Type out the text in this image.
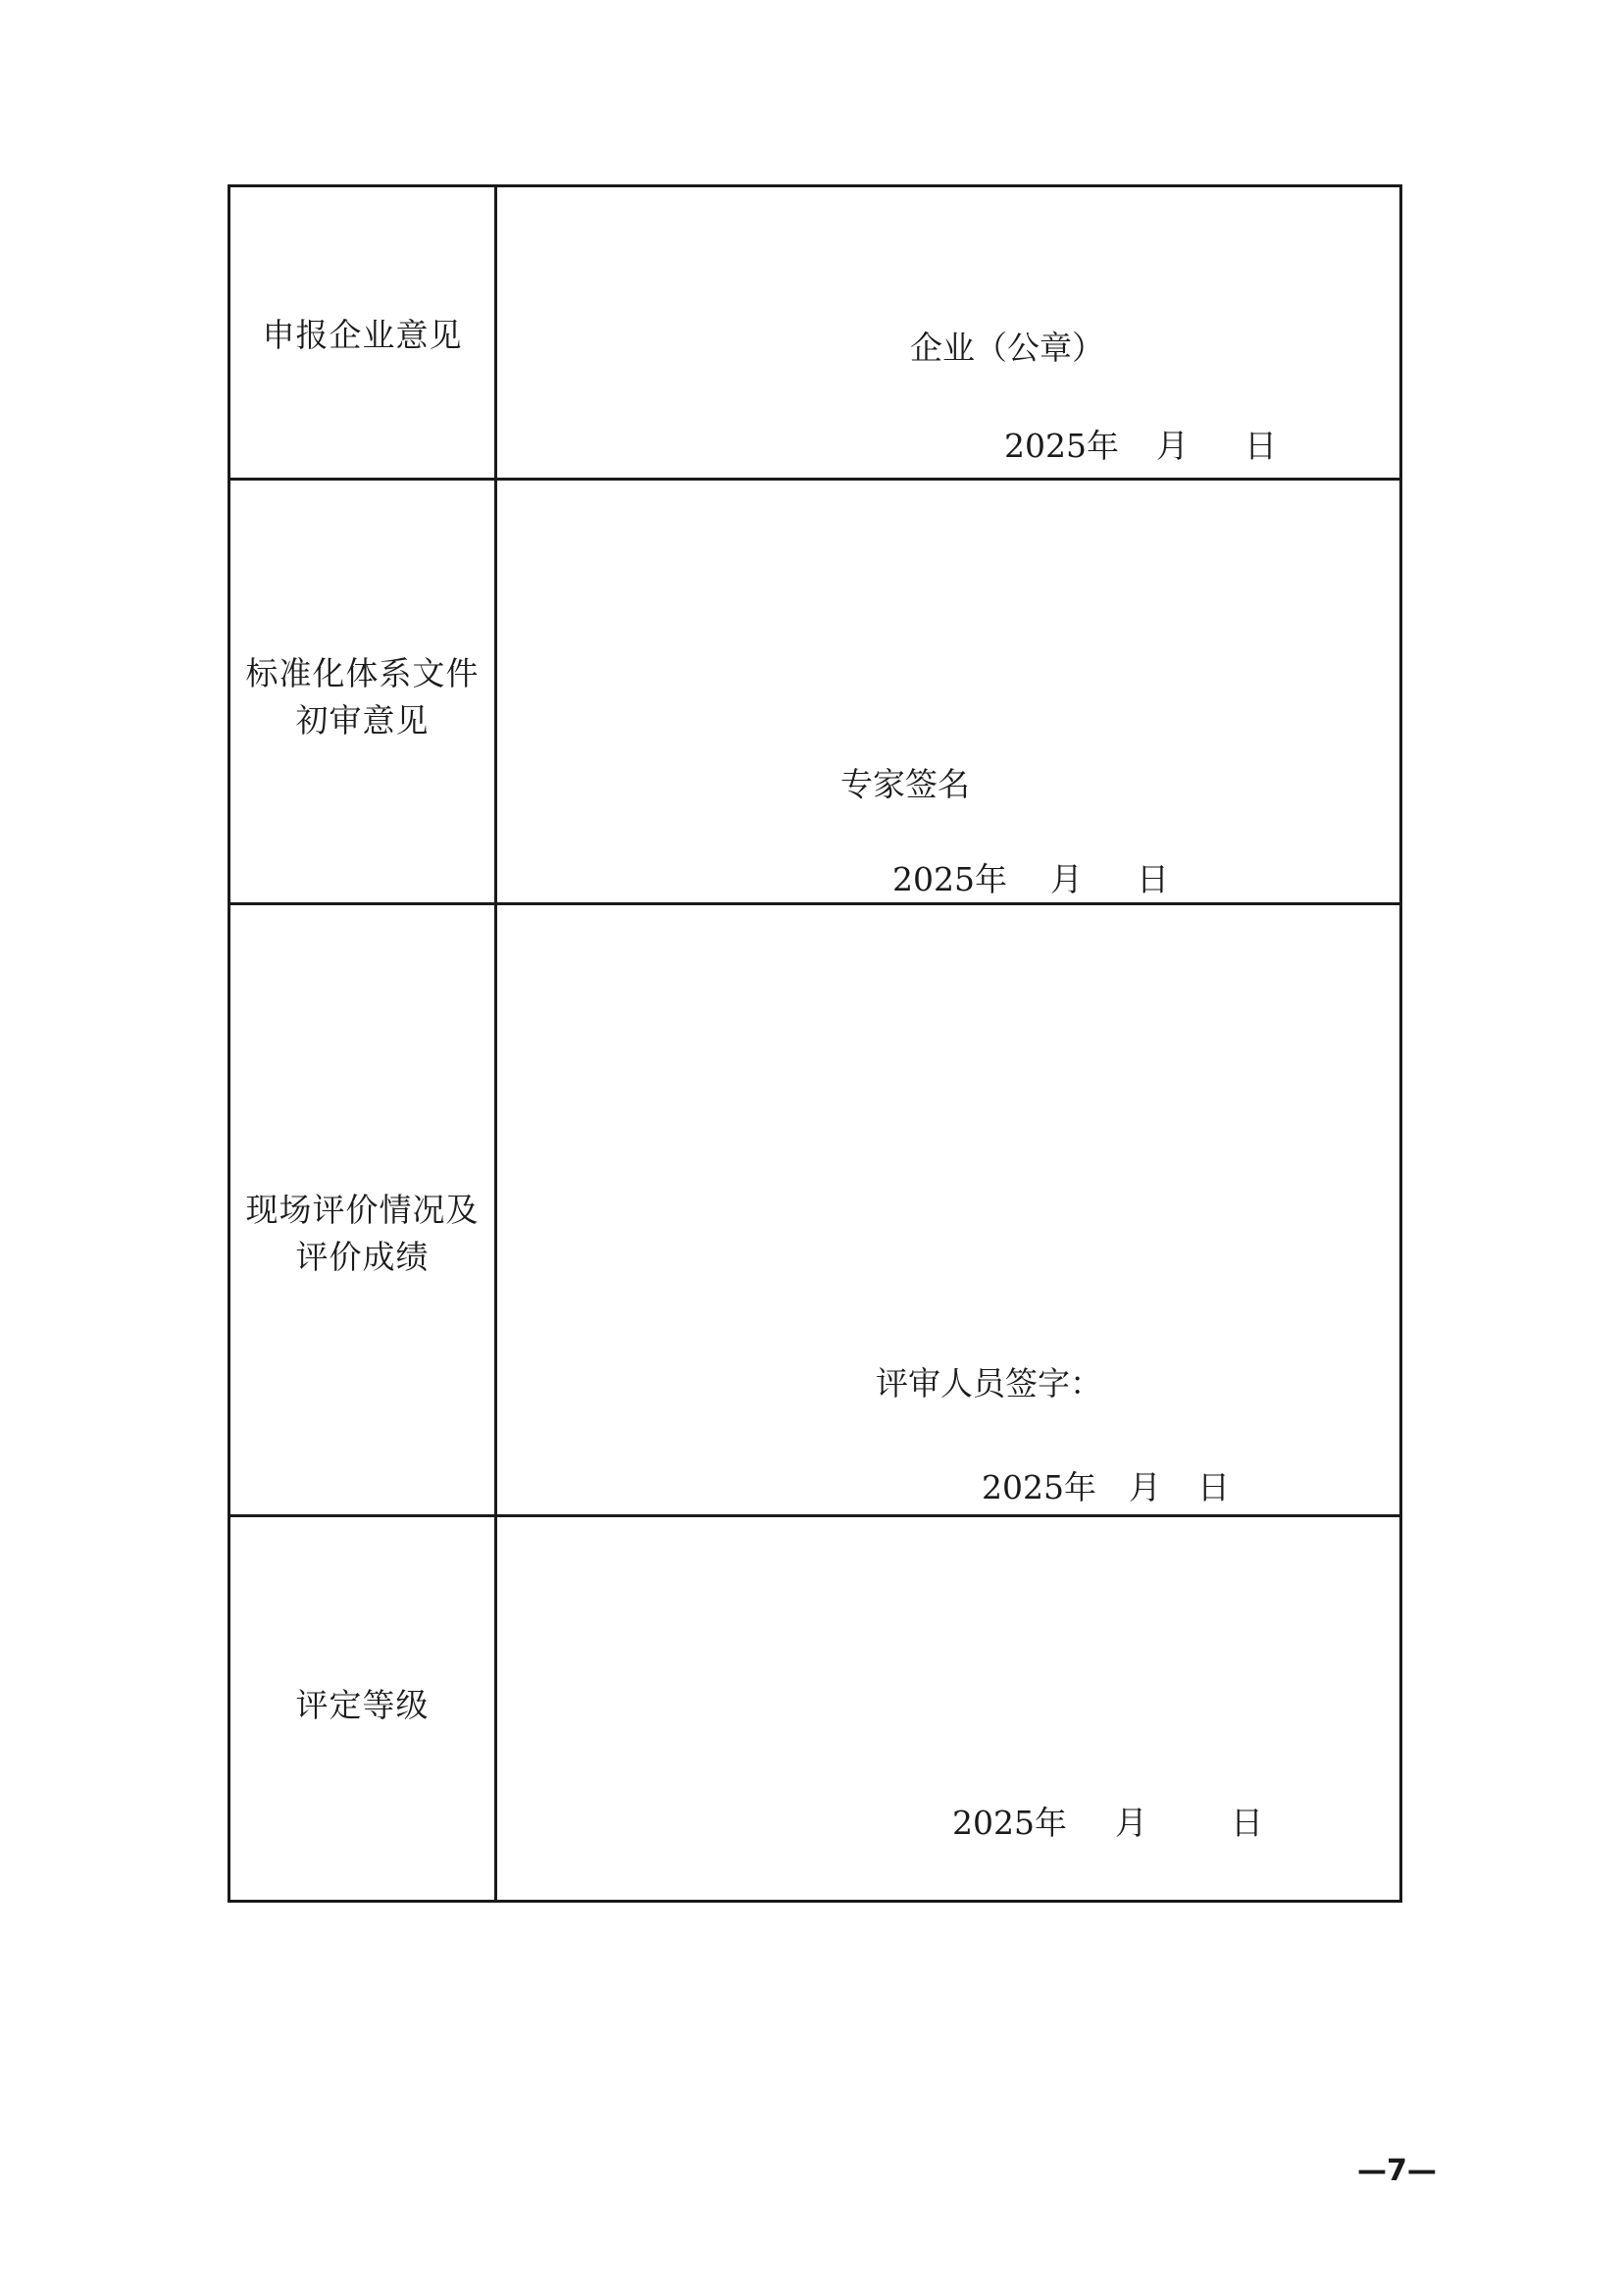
申报企业意见	企业（公章）
2025年 月 日
标准化体系文件
初审意见
专家签名
2025年 月 日
现场评价情况及
评价成绩
评审人员签字：
2025年 月 日
评定等级
2025年 月	日
—7—
